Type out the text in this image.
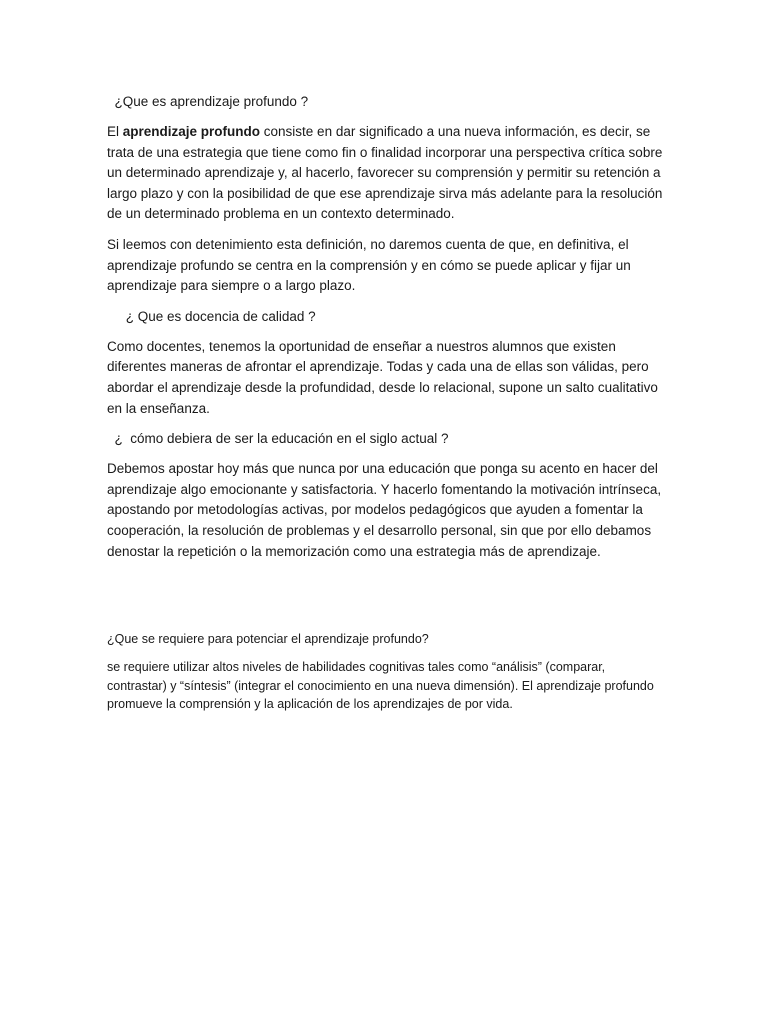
¿Que es aprendizaje profundo ?

El aprendizaje profundo consiste en dar significado a una nueva información, es decir, se trata de una estrategia que tiene como fin o finalidad incorporar una perspectiva crítica sobre un determinado aprendizaje y, al hacerlo, favorecer su comprensión y permitir su retención a largo plazo y con la posibilidad de que ese aprendizaje sirva más adelante para la resolución de un determinado problema en un contexto determinado.

Si leemos con detenimiento esta definición, no daremos cuenta de que, en definitiva, el aprendizaje profundo se centra en la comprensión y en cómo se puede aplicar y fijar un aprendizaje para siempre o a largo plazo.

¿ Que es docencia de calidad ?

Como docentes, tenemos la oportunidad de enseñar a nuestros alumnos que existen diferentes maneras de afrontar el aprendizaje. Todas y cada una de ellas son válidas, pero abordar el aprendizaje desde la profundidad, desde lo relacional, supone un salto cualitativo en la enseñanza.

¿  cómo debiera de ser la educación en el siglo actual ?

Debemos apostar hoy más que nunca por una educación que ponga su acento en hacer del aprendizaje algo emocionante y satisfactoria. Y hacerlo fomentando la motivación intrínseca, apostando por metodologías activas, por modelos pedagógicos que ayuden a fomentar la cooperación, la resolución de problemas y el desarrollo personal, sin que por ello debamos denostar la repetición o la memorización como una estrategia más de aprendizaje.

¿Que se requiere para potenciar el aprendizaje profundo?

se requiere utilizar altos niveles de habilidades cognitivas tales como “análisis” (comparar, contrastar) y “síntesis” (integrar el conocimiento en una nueva dimensión). El aprendizaje profundo promueve la comprensión y la aplicación de los aprendizajes de por vida.
